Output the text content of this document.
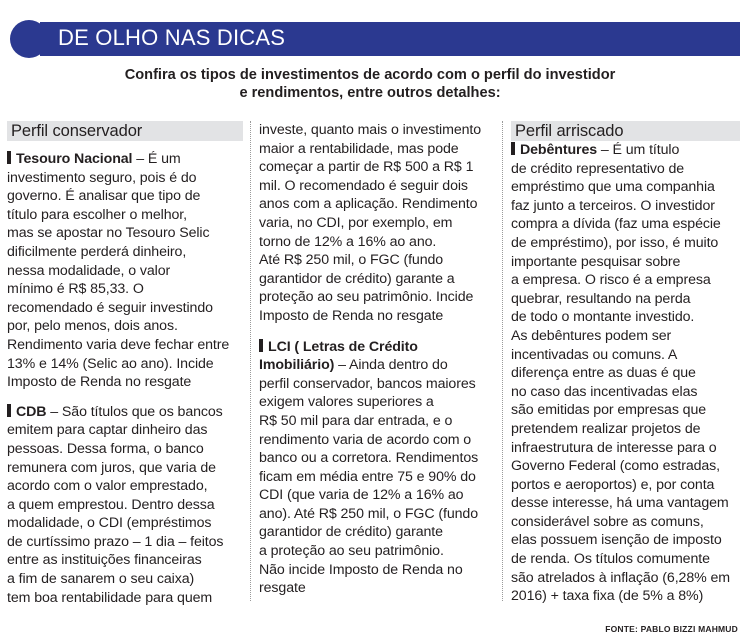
DE OLHO NAS DICAS
Confira os tipos de investimentos de acordo com o perfil do investidor
e rendimentos, entre outros detalhes:
Perfil conservador
Tesouro Nacional – É um
investimento seguro, pois é do
governo. É analisar que tipo de
título para escolher o melhor,
mas se apostar no Tesouro Selic
dificilmente perderá dinheiro,
nessa modalidade, o valor
mínimo é R$ 85,33. O
recomendado é seguir investindo
por, pelo menos, dois anos.
Rendimento varia deve fechar entre
13% e 14% (Selic ao ano). Incide
Imposto de Renda no resgate
CDB – São títulos que os bancos
emitem para captar dinheiro das
pessoas. Dessa forma, o banco
remunera com juros, que varia de
acordo com o valor emprestado,
a quem emprestou. Dentro dessa
modalidade, o CDI (empréstimos
de curtíssimo prazo – 1 dia – feitos
entre as instituições financeiras
a fim de sanarem o seu caixa)
tem boa rentabilidade para quem
investe, quanto mais o investimento
maior a rentabilidade, mas pode
começar a partir de R$ 500 a R$ 1
mil. O recomendado é seguir dois
anos com a aplicação. Rendimento
varia, no CDI, por exemplo, em
torno de 12% a 16% ao ano.
Até R$ 250 mil, o FGC (fundo
garantidor de crédito) garante a
proteção ao seu patrimônio. Incide
Imposto de Renda no resgate
LCI ( Letras de Crédito
Imobiliário) – Ainda dentro do
perfil conservador, bancos maiores
exigem valores superiores a
R$ 50 mil para dar entrada, e o
rendimento varia de acordo com o
banco ou a corretora. Rendimentos
ficam em média entre 75 e 90% do
CDI (que varia de 12% a 16% ao
ano). Até R$ 250 mil, o FGC (fundo
garantidor de crédito) garante
a proteção ao seu patrimônio.
Não incide Imposto de Renda no
resgate
Perfil arriscado
Debêntures – É um título
de crédito representativo de
empréstimo que uma companhia
faz junto a terceiros. O investidor
compra a dívida (faz uma espécie
de empréstimo), por isso, é muito
importante pesquisar sobre
a empresa. O risco é a empresa
quebrar, resultando na perda
de todo o montante investido.
As debêntures podem ser
incentivadas ou comuns. A
diferença entre as duas é que
no caso das incentivadas elas
são emitidas por empresas que
pretendem realizar projetos de
infraestrutura de interesse para o
Governo Federal (como estradas,
portos e aeroportos) e, por conta
desse interesse, há uma vantagem
considerável sobre as comuns,
elas possuem isenção de imposto
de renda. Os títulos comumente
são atrelados à inflação (6,28% em
2016) + taxa fixa (de 5% a 8%)
FONTE: PABLO BIZZI MAHMUD
